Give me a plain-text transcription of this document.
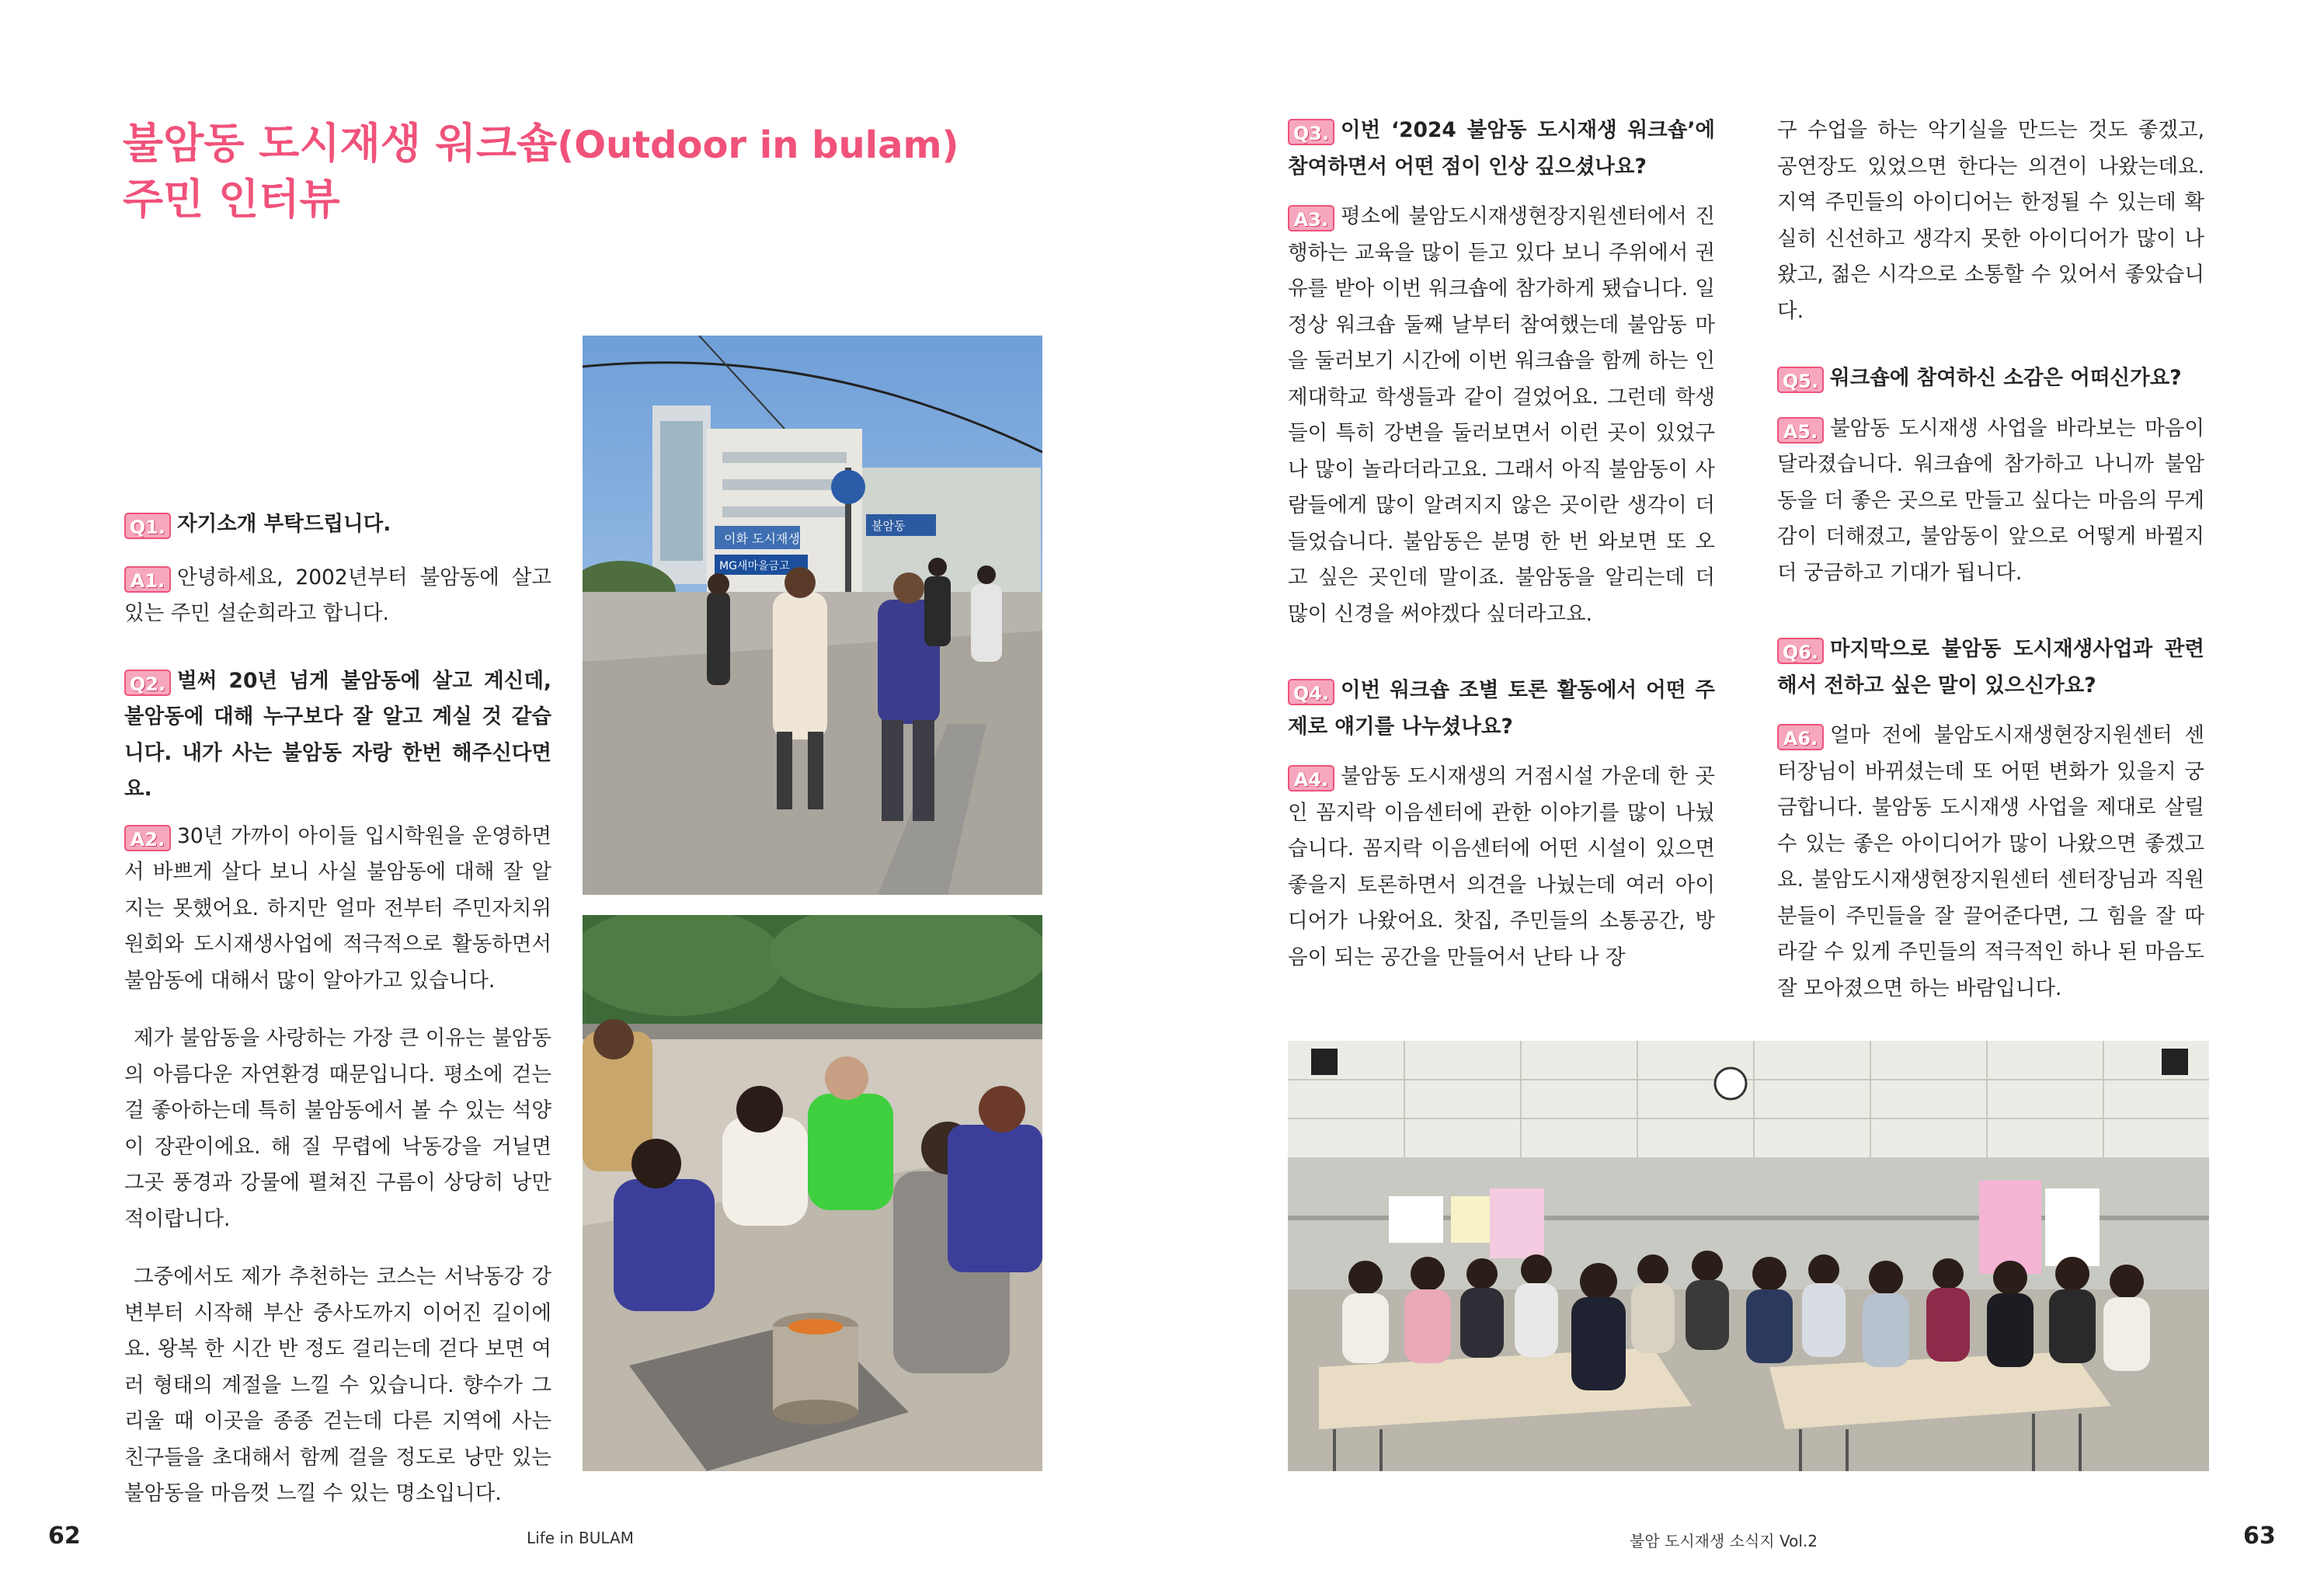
불암동 도시재생 워크숍(Outdoor in bulam)
주민 인터뷰

Q1. 자기소개 부탁드립니다.

A1. 안녕하세요, 2002년부터 불암동에 살고 있는 주민 설순희라고 합니다.

Q2. 벌써 20년 넘게 불암동에 살고 계신데, 불암동에 대해 누구보다 잘 알고 계실 것 같습니다. 내가 사는 불암동 자랑 한번 해주신다면요.

A2. 30년 가까이 아이들 입시학원을 운영하면서 바쁘게 살다 보니 사실 불암동에 대해 잘 알지는 못했어요. 하지만 얼마 전부터 주민자치위원회와 도시재생사업에 적극적으로 활동하면서 불암동에 대해서 많이 알아가고 있습니다.

제가 불암동을 사랑하는 가장 큰 이유는 불암동의 아름다운 자연환경 때문입니다. 평소에 걷는 걸 좋아하는데 특히 불암동에서 볼 수 있는 석양이 장관이에요. 해 질 무렵에 낙동강을 거닐면 그곳 풍경과 강물에 펼쳐진 구름이 상당히 낭만적이랍니다.

그중에서도 제가 추천하는 코스는 서낙동강 강변부터 시작해 부산 중사도까지 이어진 길이에요. 왕복 한 시간 반 정도 걸리는데 걷다 보면 여러 형태의 계절을 느낄 수 있습니다. 향수가 그리울 때 이곳을 종종 걷는데 다른 지역에 사는 친구들을 초대해서 함께 걸을 정도로 낭만 있는 불암동을 마음껏 느낄 수 있는 명소입니다.

이화 도시재생
MG새마을금고
불암동

Q3. 이번 ‘2024 불암동 도시재생 워크숍’에 참여하면서 어떤 점이 인상 깊으셨나요?

A3. 평소에 불암도시재생현장지원센터에서 진행하는 교육을 많이 듣고 있다 보니 주위에서 권유를 받아 이번 워크숍에 참가하게 됐습니다. 일정상 워크숍 둘째 날부터 참여했는데 불암동 마을 둘러보기 시간에 이번 워크숍을 함께 하는 인제대학교 학생들과 같이 걸었어요. 그런데 학생들이 특히 강변을 둘러보면서 이런 곳이 있었구나 많이 놀라더라고요. 그래서 아직 불암동이 사람들에게 많이 알려지지 않은 곳이란 생각이 더 들었습니다. 불암동은 분명 한 번 와보면 또 오고 싶은 곳인데 말이죠. 불암동을 알리는데 더 많이 신경을 써야겠다 싶더라고요.

Q4. 이번 워크숍 조별 토론 활동에서 어떤 주제로 얘기를 나누셨나요?

A4. 불암동 도시재생의 거점시설 가운데 한 곳인 꼼지락 이음센터에 관한 이야기를 많이 나눴습니다. 꼼지락 이음센터에 어떤 시설이 있으면 좋을지 토론하면서 의견을 나눴는데 여러 아이디어가 나왔어요. 찻집, 주민들의 소통공간, 방음이 되는 공간을 만들어서 난타 나 장

구 수업을 하는 악기실을 만드는 것도 좋겠고, 공연장도 있었으면 한다는 의견이 나왔는데요. 지역 주민들의 아이디어는 한정될 수 있는데 확실히 신선하고 생각지 못한 아이디어가 많이 나왔고, 젊은 시각으로 소통할 수 있어서 좋았습니다.

Q5. 워크숍에 참여하신 소감은 어떠신가요?

A5. 불암동 도시재생 사업을 바라보는 마음이 달라졌습니다. 워크숍에 참가하고 나니까 불암동을 더 좋은 곳으로 만들고 싶다는 마음의 무게감이 더해졌고, 불암동이 앞으로 어떻게 바뀔지 더 궁금하고 기대가 됩니다.

Q6. 마지막으로 불암동 도시재생사업과 관련해서 전하고 싶은 말이 있으신가요?

A6. 얼마 전에 불암도시재생현장지원센터 센터장님이 바뀌셨는데 또 어떤 변화가 있을지 궁금합니다. 불암동 도시재생 사업을 제대로 살릴 수 있는 좋은 아이디어가 많이 나왔으면 좋겠고요. 불암도시재생현장지원센터 센터장님과 직원분들이 주민들을 잘 끌어준다면, 그 힘을 잘 따라갈 수 있게 주민들의 적극적인 하나 된 마음도 잘 모아졌으면 하는 바람입니다.

62	Life in BULAM	불암 도시재생 소식지 Vol.2	63
